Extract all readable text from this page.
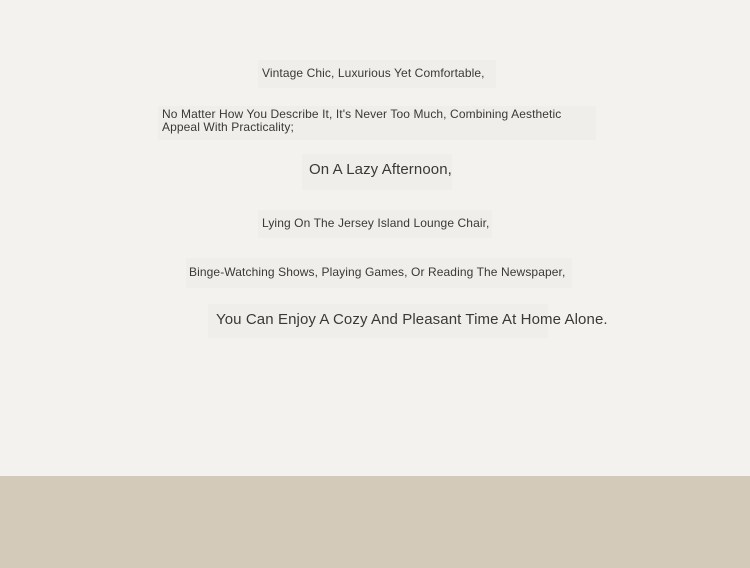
Vintage Chic, Luxurious Yet Comfortable,
No Matter How You Describe It, It's Never Too Much, Combining Aesthetic Appeal With Practicality;
On A Lazy Afternoon,
Lying On The Jersey Island Lounge Chair,
Binge-Watching Shows, Playing Games, Or Reading The Newspaper,
You Can Enjoy A Cozy And Pleasant Time At Home Alone.
